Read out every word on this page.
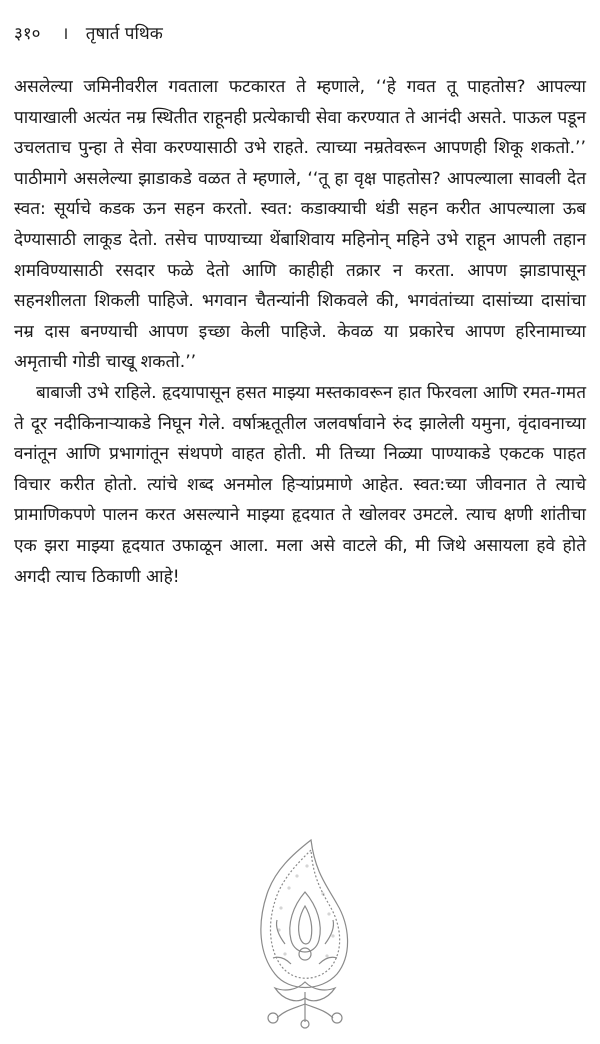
३१० । तृषार्त पथिक

असलेल्या जमिनीवरील गवताला फटकारत ते म्हणाले, ‘‘हे गवत तू पाहतोस? आपल्या पायाखाली अत्यंत नम्र स्थितीत राहूनही प्रत्येकाची सेवा करण्यात ते आनंदी असते. पाऊल पडून उचलताच पुन्हा ते सेवा करण्यासाठी उभे राहते. त्याच्या नम्रतेवरून आपणही शिकू शकतो.’’ पाठीमागे असलेल्या झाडाकडे वळत ते म्हणाले, ‘‘तू हा वृक्ष पाहतोस? आपल्याला सावली देत स्वत: सूर्याचे कडक ऊन सहन करतो. स्वत: कडाक्याची थंडी सहन करीत आपल्याला ऊब देण्यासाठी लाकूड देतो. तसेच पाण्याच्या थेंबाशिवाय महिनोन् महिने उभे राहून आपली तहान शमविण्यासाठी रसदार फळे देतो आणि काहीही तक्रार न करता. आपण झाडापासून सहनशीलता शिकली पाहिजे. भगवान चैतन्यांनी शिकवले की, भगवंतांच्या दासांच्या दासांचा नम्र दास बनण्याची आपण इच्छा केली पाहिजे. केवळ या प्रकारेच आपण हरिनामाच्या अमृताची गोडी चाखू शकतो.’’

बाबाजी उभे राहिले. हृदयापासून हसत माझ्या मस्तकावरून हात फिरवला आणि रमत-गमत ते दूर नदीकिनाऱ्याकडे निघून गेले. वर्षाऋतूतील जलवर्षावाने रुंद झालेली यमुना, वृंदावनाच्या वनांतून आणि प्रभागांतून संथपणे वाहत होती. मी तिच्या निळ्या पाण्याकडे एकटक पाहत विचार करीत होतो. त्यांचे शब्द अनमोल हिऱ्यांप्रमाणे आहेत. स्वत:च्या जीवनात ते त्याचे प्रामाणिकपणे पालन करत असल्याने माझ्या हृदयात ते खोलवर उमटले. त्याच क्षणी शांतीचा एक झरा माझ्या हृदयात उफाळून आला. मला असे वाटले की, मी जिथे असायला हवे होते अगदी त्याच ठिकाणी आहे!
